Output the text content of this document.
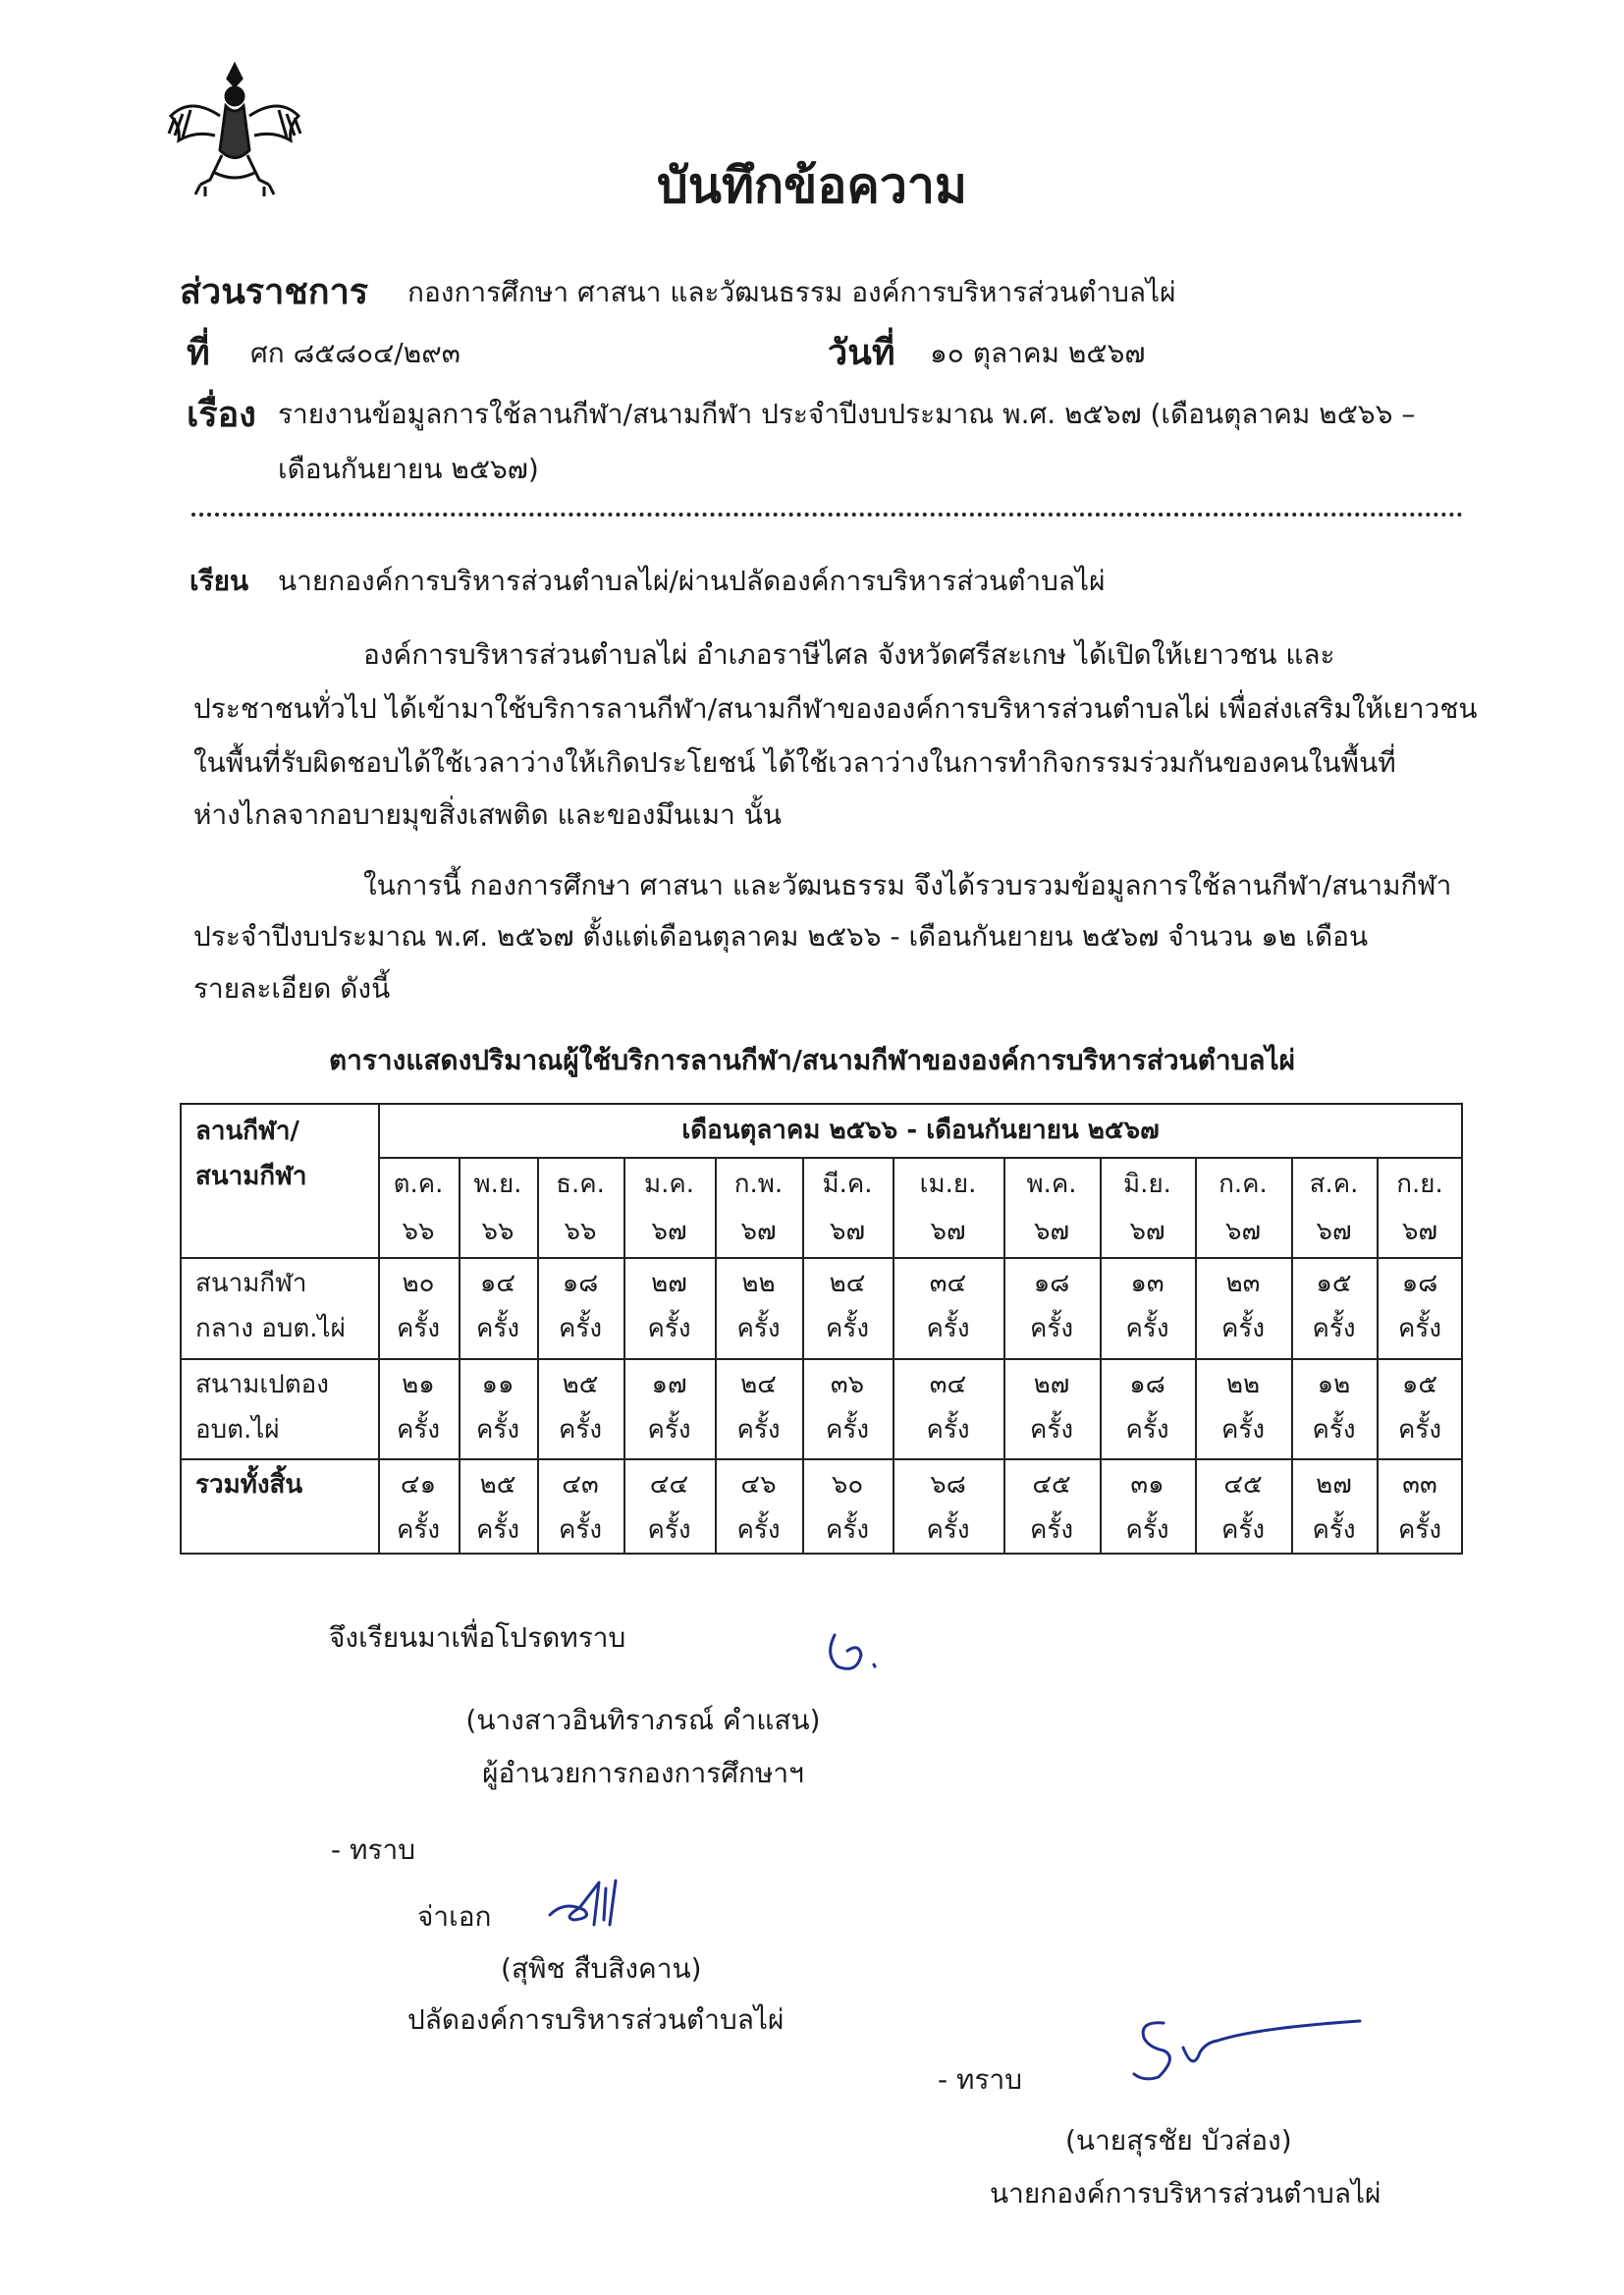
บันทึกข้อความ
ส่วนราชการ กองการศึกษา ศาสนา และวัฒนธรรม องค์การบริหารส่วนตำบลไผ่
ที่ ศก ๘๕๘๐๔/๒๙๓	วันที่ ๑๐ ตุลาคม ๒๕๖๗
เรื่อง รายงานข้อมูลการใช้ลานกีฬา/สนามกีฬา ประจำปีงบประมาณ พ.ศ. ๒๕๖๗ (เดือนตุลาคม ๒๕๖๖ –
เดือนกันยายน ๒๕๖๗)
เรียน นายกองค์การบริหารส่วนตำบลไผ่/ผ่านปลัดองค์การบริหารส่วนตำบลไผ่
องค์การบริหารส่วนตำบลไผ่ อำเภอราษีไศล จังหวัดศรีสะเกษ ได้เปิดให้เยาวชน และ
ประชาชนทั่วไป ได้เข้ามาใช้บริการลานกีฬา/สนามกีฬาขององค์การบริหารส่วนตำบลไผ่ เพื่อส่งเสริมให้เยาวชน
ในพื้นที่รับผิดชอบได้ใช้เวลาว่างให้เกิดประโยชน์ ได้ใช้เวลาว่างในการทำกิจกรรมร่วมกันของคนในพื้นที่
ห่างไกลจากอบายมุขสิ่งเสพติด และของมึนเมา นั้น
ในการนี้ กองการศึกษา ศาสนา และวัฒนธรรม จึงได้รวบรวมข้อมูลการใช้ลานกีฬา/สนามกีฬา
ประจำปีงบประมาณ พ.ศ. ๒๕๖๗ ตั้งแต่เดือนตุลาคม ๒๕๖๖ - เดือนกันยายน ๒๕๖๗ จำนวน ๑๒ เดือน
รายละเอียด ดังนี้
ตารางแสดงปริมาณผู้ใช้บริการลานกีฬา/สนามกีฬาขององค์การบริหารส่วนตำบลไผ่
ลานกีฬา/
สนามกีฬา
เดือนตุลาคม ๒๕๖๖ - เดือนกันยายน ๒๕๖๗
ต.ค.
๖๖
พ.ย.
๖๖
ธ.ค.
๖๖
ม.ค.
๖๗
ก.พ.
๖๗
มี.ค.
๖๗
เม.ย.
๖๗
พ.ค.
๖๗
มิ.ย.
๖๗
ก.ค.
๖๗
ส.ค.
๖๗
ก.ย.
๖๗
สนามกีฬา
กลาง อบต.ไผ่
๒๐
ครั้ง
๑๔
ครั้ง
๑๘
ครั้ง
๒๗
ครั้ง
๒๒
ครั้ง
๒๔
ครั้ง
๓๔
ครั้ง
๑๘
ครั้ง
๑๓
ครั้ง
๒๓
ครั้ง
๑๕
ครั้ง
๑๘
ครั้ง
สนามเปตอง
อบต.ไผ่
๒๑
ครั้ง
๑๑
ครั้ง
๒๕
ครั้ง
๑๗
ครั้ง
๒๔
ครั้ง
๓๖
ครั้ง
๓๔
ครั้ง
๒๗
ครั้ง
๑๘
ครั้ง
๒๒
ครั้ง
๑๒
ครั้ง
๑๕
ครั้ง
รวมทั้งสิ้น	๔๑
ครั้ง
๒๕
ครั้ง
๔๓
ครั้ง
๔๔
ครั้ง
๔๖
ครั้ง
๖๐
ครั้ง
๖๘
ครั้ง
๔๕
ครั้ง
๓๑
ครั้ง
๔๕
ครั้ง
๒๗
ครั้ง
๓๓
ครั้ง
จึงเรียนมาเพื่อโปรดทราบ
(นางสาวอินทิราภรณ์ คำแสน)
ผู้อำนวยการกองการศึกษาฯ
- ทราบ
จ่าเอก
(สุพิช สืบสิงคาน)
ปลัดองค์การบริหารส่วนตำบลไผ่
- ทราบ
(นายสุรชัย บัวส่อง)
นายกองค์การบริหารส่วนตำบลไผ่
